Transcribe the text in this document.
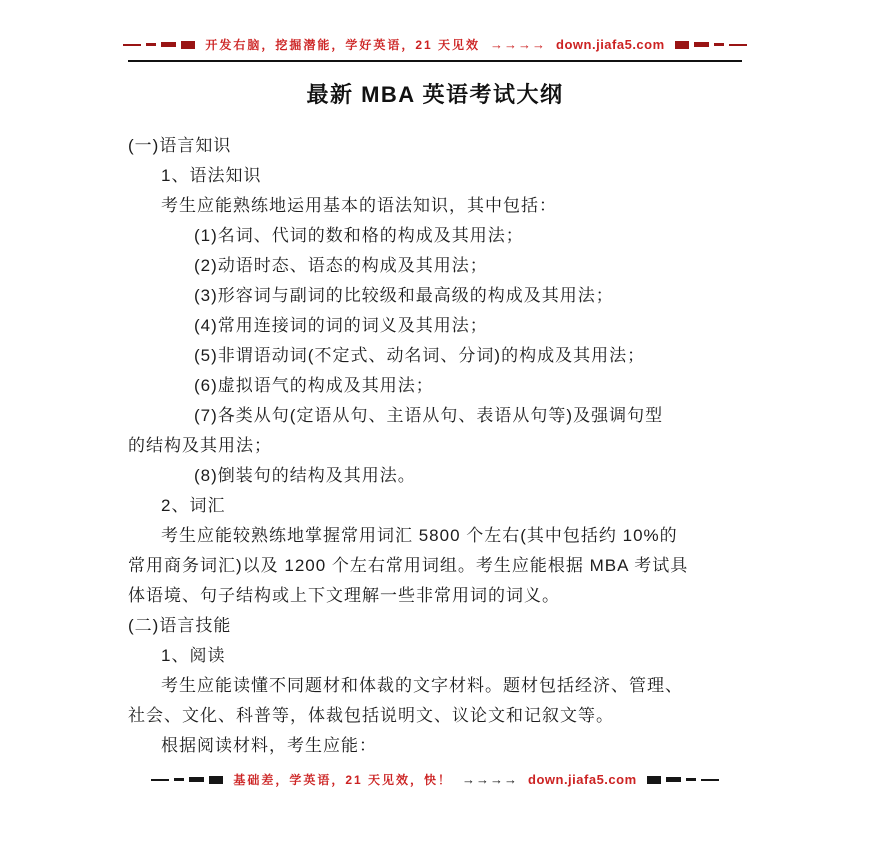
开发右脑，挖掘潜能，学好英语，21 天见效 →→→→ down.jiafa5.com
最新 MBA 英语考试大纲
(一)语言知识
1、语法知识
考生应能熟练地运用基本的语法知识，其中包括：
(1)名词、代词的数和格的构成及其用法；
(2)动语时态、语态的构成及其用法；
(3)形容词与副词的比较级和最高级的构成及其用法；
(4)常用连接词的词的词义及其用法；
(5)非谓语动词(不定式、动名词、分词)的构成及其用法；
(6)虚拟语气的构成及其用法；
(7)各类从句(定语从句、主语从句、表语从句等)及强调句型
的结构及其用法；
(8)倒装句的结构及其用法。
2、词汇
考生应能较熟练地掌握常用词汇 5800 个左右(其中包括约 10%的
常用商务词汇)以及 1200 个左右常用词组。考生应能根据 MBA 考试具
体语境、句子结构或上下文理解一些非常用词的词义。
(二)语言技能
1、阅读
考生应能读懂不同题材和体裁的文字材料。题材包括经济、管理、
社会、文化、科普等，体裁包括说明文、议论文和记叙文等。
根据阅读材料，考生应能：
基础差，学英语，21 天见效，快！ →→→→ down.jiafa5.com
